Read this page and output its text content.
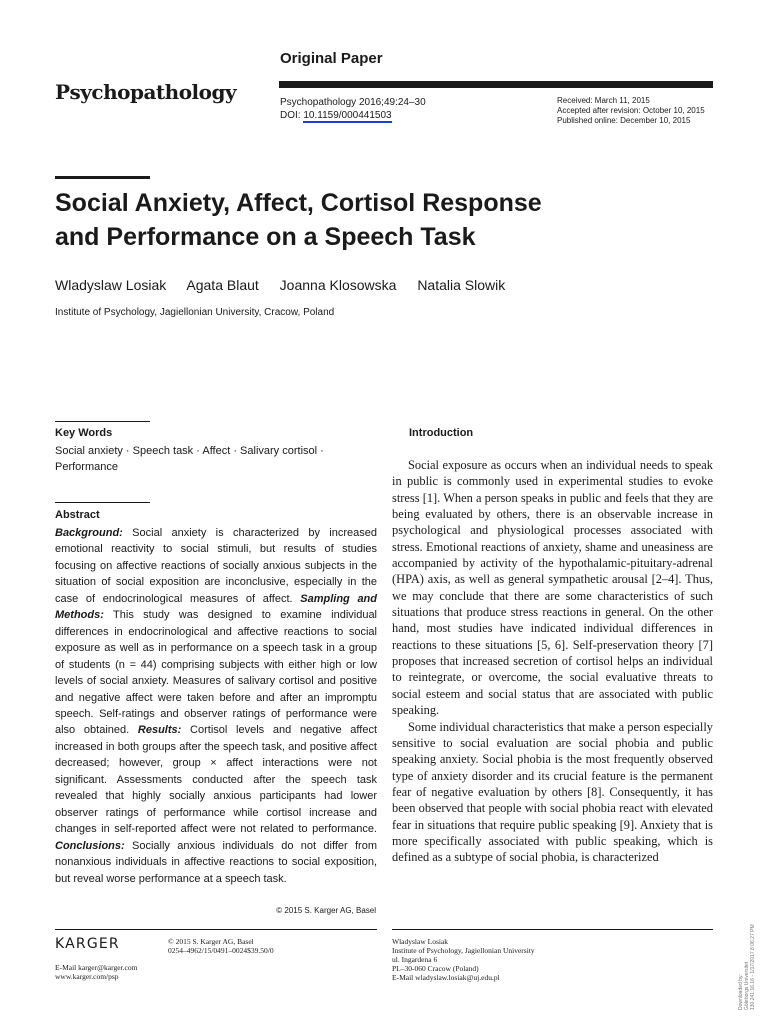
Original Paper
Psychopathology	Psychopathology 2016;49:24–30
DOI: 10.1159/000441503
Received: March 11, 2015
Accepted after revision: October 10, 2015
Published online: December 10, 2015
Social Anxiety, Affect, Cortisol Response
and Performance on a Speech Task
Wladyslaw Losiak Agata Blaut Joanna Klosowska Natalia Slowik
Institute of Psychology, Jagiellonian University, Cracow, Poland
Key Words
Social anxiety · Speech task · Affect · Salivary cortisol · Performance
Abstract
Background: Social anxiety is characterized by increased emotional reactivity to social stimuli, but results of studies focusing on affective reactions of socially anxious subjects in the situation of social exposition are inconclusive, especially in the case of endocrinological measures of affect. Sampling and Methods: This study was designed to examine individual differences in endocrinological and affective reactions to social exposure as well as in performance on a speech task in a group of students (n = 44) comprising subjects with either high or low levels of social anxiety. Measures of salivary cortisol and positive and negative affect were taken before and after an impromptu speech. Self-ratings and observer ratings of performance were also obtained. Results: Cortisol levels and negative affect increased in both groups after the speech task, and positive affect decreased; however, group × affect interactions were not significant. Assessments conducted after the speech task revealed that highly socially anxious participants had lower observer ratings of performance while cortisol increase and changes in self-reported affect were not related to performance. Conclusions: Socially anxious individuals do not differ from nonanxious individuals in affective reactions to social exposition, but reveal worse performance at a speech task.
© 2015 S. Karger AG, Basel
Introduction

Social exposure as occurs when an individual needs to speak in public is commonly used in experimental studies to evoke stress [1]. When a person speaks in public and feels that they are being evaluated by others, there is an observable increase in psychological and physiological processes associated with stress. Emotional reactions of anxiety, shame and uneasiness are accompanied by activity of the hypothalamic-pituitary-adrenal (HPA) axis, as well as general sympathetic arousal [2–4]. Thus, we may conclude that there are some characteristics of such situations that produce stress reactions in general. On the other hand, most studies have indicated individual differences in reactions to these situations [5, 6]. Self-preservation theory [7] proposes that increased secretion of cortisol helps an individual to reintegrate, or overcome, the social evaluative threats to social esteem and social status that are associated with public speaking.

Some individual characteristics that make a person especially sensitive to social evaluation are social phobia and public speaking anxiety. Social phobia is the most frequently observed type of anxiety disorder and its crucial feature is the permanent fear of negative evaluation by others [8]. Consequently, it has been observed that people with social phobia react with elevated fear in situations that require public speaking [9]. Anxiety that is more specifically associated with public speaking, which is defined as a subtype of social phobia, is characterized

KARGER	© 2015 S. Karger AG, Basel
0254–4962/15/0491–0024$39.50/0
E-Mail karger@karger.com
www.karger.com/psp
Wladyslaw Losiak
Institute of Psychology, Jagiellonian University
ul. Ingardena 6
PL–30-060 Cracow (Poland)
E-Mail wladyslaw.losiak@uj.edu.pl	Downloaded by: Göteborgs Universitet 130.241.16.16 - 1/17/2017 8:06:27 PM
